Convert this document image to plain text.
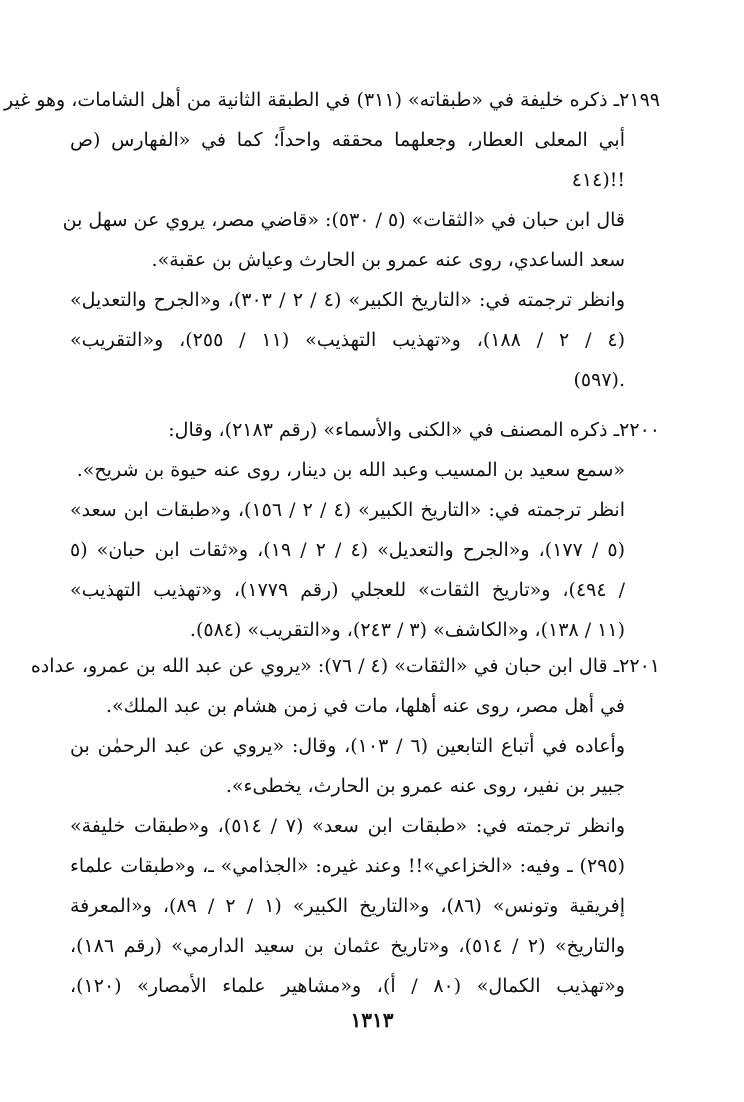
٢١٩٩ـ ذكره خليفة في «طبقاته» (٣١١) في الطبقة الثانية من أهل الشامات، وهو غير
أبي المعلى العطار، وجعلهما محققه واحداً؛ كما في «الفهارس (ص
٤١٤)!!
قال ابن حبان في «الثقات» (٥ / ٥٣٠): «قاضي مصر، يروي عن سهل بن
سعد الساعدي، روى عنه عمرو بن الحارث وعياش بن عقبة».
وانظر ترجمته في: «التاريخ الكبير» (٤ / ٢ / ٣٠٣)، و«الجرح والتعديل»
(٤ / ٢ / ١٨٨)، و«تهذيب التهذيب» (١١ / ٢٥٥)، و«التقريب»
(٥٩٧).
٢٢٠٠ـ ذكره المصنف في «الكنى والأسماء» (رقم ٢١٨٣)، وقال:
«سمع سعيد بن المسيب وعبد الله بن دينار، روى عنه حيوة بن شريح».
انظر ترجمته في: «التاريخ الكبير» (٤ / ٢ / ١٥٦)، و«طبقات ابن سعد»
(٥ / ١٧٧)، و«الجرح والتعديل» (٤ / ٢ / ١٩)، و«ثقات ابن حبان» (٥
/ ٤٩٤)، و«تاريخ الثقات» للعجلي (رقم ١٧٧٩)، و«تهذيب التهذيب»
(١١ / ١٣٨)، و«الكاشف» (٣ / ٢٤٣)، و«التقريب» (٥٨٤).
٢٢٠١ـ قال ابن حبان في «الثقات» (٤ / ٧٦): «يروي عن عبد الله بن عمرو، عداده
في أهل مصر، روى عنه أهلها، مات في زمن هشام بن عبد الملك».
وأعاده في أتباع التابعين (٦ / ١٠٣)، وقال: «يروي عن عبد الرحمٰن بن
جبير بن نفير، روى عنه عمرو بن الحارث، يخطىء».
وانظر ترجمته في: «طبقات ابن سعد» (٧ / ٥١٤)، و«طبقات خليفة»
(٢٩٥) ـ وفيه: «الخزاعي»!! وعند غيره: «الجذامي» ـ، و«طبقات علماء
إفريقية وتونس» (٨٦)، و«التاريخ الكبير» (١ / ٢ / ٨٩)، و«المعرفة
والتاريخ» (٢ / ٥١٤)، و«تاريخ عثمان بن سعيد الدارمي» (رقم ١٨٦)،
و«تهذيب الكمال» (٨٠ / أ)، و«مشاهير علماء الأمصار» (١٢٠)،
١٣١٣
